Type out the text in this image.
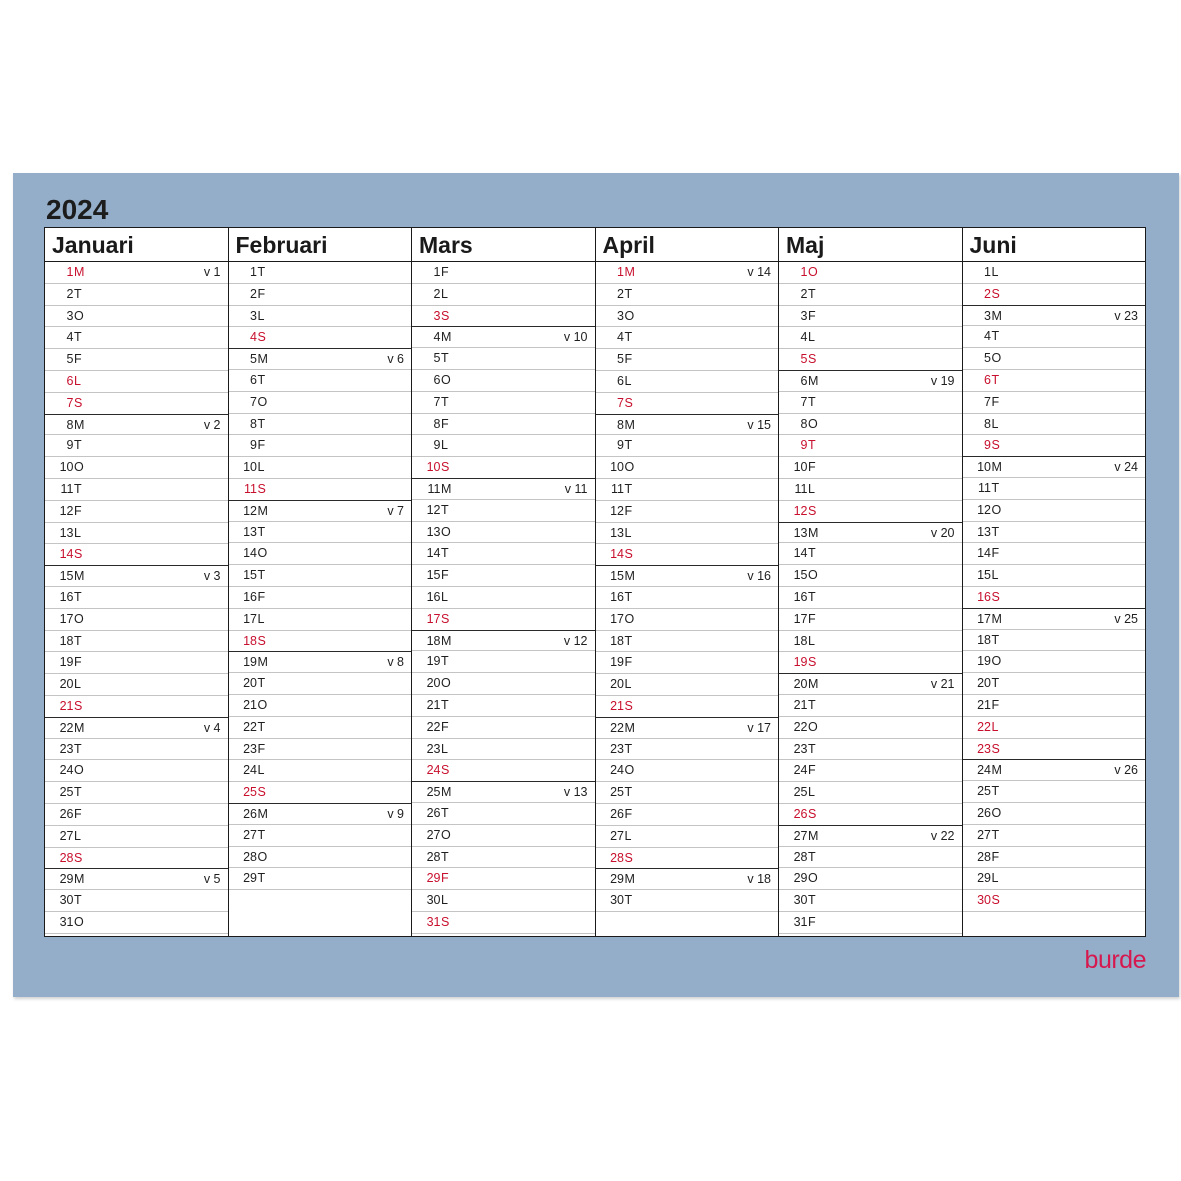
2024
Januari
1 M	v 1
2 T
3 O
4 T
5 F
6 L
7 S
8 M	v 2
9 T
10 O
11 T
12 F
13 L
14 S
15 M	v 3
16 T
17 O
18 T
19 F
20 L
21 S
22 M	v 4
23 T
24 O
25 T
26 F
27 L
28 S
29 M	v 5
30 T
31 O
Februari
1 T
2 F
3 L
4 S
5 M	v 6
6 T
7 O
8 T
9 F
10 L
11 S
12 M	v 7
13 T
14 O
15 T
16 F
17 L
18 S
19 M	v 8
20 T
21 O
22 T
23 F
24 L
25 S
26 M	v 9
27 T
28 O
29 T
Mars
1 F
2 L
3 S
4 M	v 10
5 T
6 O
7 T
8 F
9 L
10 S
11 M	v 11
12 T
13 O
14 T
15 F
16 L
17 S
18 M	v 12
19 T
20 O
21 T
22 F
23 L
24 S
25 M	v 13
26 T
27 O
28 T
29 F
30 L
31 S
April
1 M	v 14
2 T
3 O
4 T
5 F
6 L
7 S
8 M	v 15
9 T
10 O
11 T
12 F
13 L
14 S
15 M	v 16
16 T
17 O
18 T
19 F
20 L
21 S
22 M	v 17
23 T
24 O
25 T
26 F
27 L
28 S
29 M	v 18
30 T
Maj
1 O
2 T
3 F
4 L
5 S
6 M	v 19
7 T
8 O
9 T
10 F
11 L
12 S
13 M	v 20
14 T
15 O
16 T
17 F
18 L
19 S
20 M	v 21
21 T
22 O
23 T
24 F
25 L
26 S
27 M	v 22
28 T
29 O
30 T
31 F
Juni
1 L
2 S
3 M	v 23
4 T
5 O
6 T
7 F
8 L
9 S
10 M	v 24
11 T
12 O
13 T
14 F
15 L
16 S
17 M	v 25
18 T
19 O
20 T
21 F
22 L
23 S
24 M	v 26
25 T
26 O
27 T
28 F
29 L
30 S
burde
